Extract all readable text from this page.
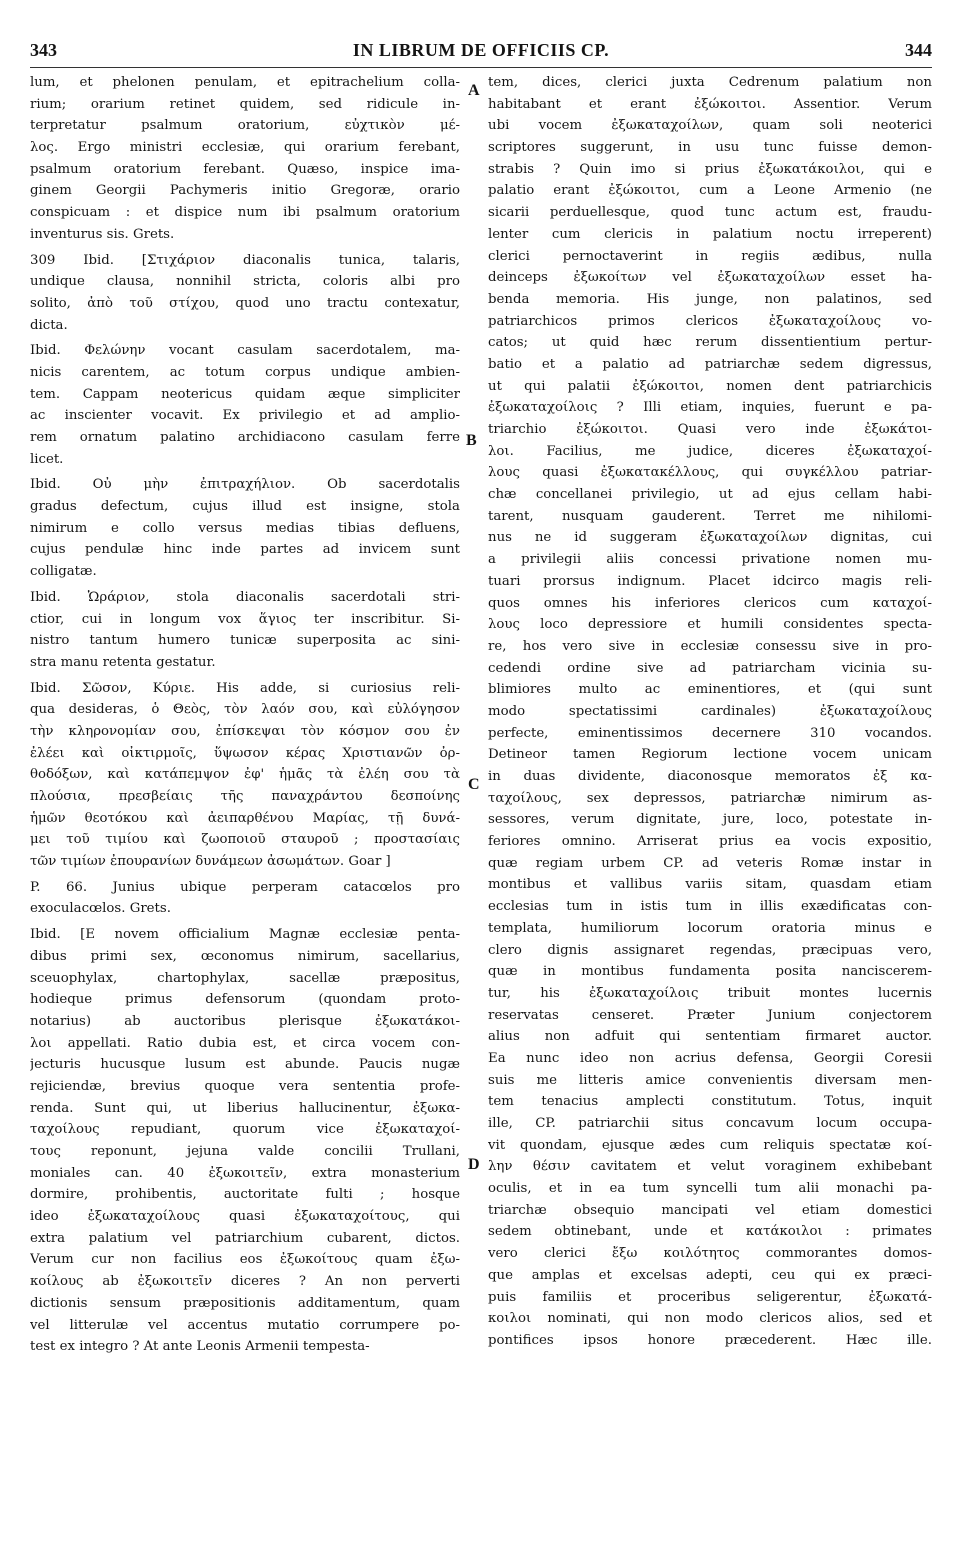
343	IN LIBRUM DE OFFICIIS CP.	344
lum, et phelonen penulam, et epitrachelium colla-
rium; orarium retinet quidem, sed ridicule in-
terpretatur psalmum oratorium, εὐχτικὸν μέ-
λος. Ergo ministri ecclesiæ, qui orarium ferebant,
psalmum oratorium ferebant. Quæso, inspice ima-
ginem Georgii Pachymeris initio Gregoræ, orario
conspicuam : et dispice num ibi psalmum oratorium
inventurus sis. Grets.
309 Ibid. [Στιχάριον diaconalis tunica, talaris,
undique clausa, nonnihil stricta, coloris albi pro
solito, ἀπὸ τοῦ στίχου, quod uno tractu contexatur,
dicta.
Ibid. Φελώνην vocant casulam sacerdotalem, ma-
nicis carentem, ac totum corpus undique ambien-
tem. Cappam neotericus quidam æque simpliciter
ac inscienter vocavit. Ex privilegio et ad amplio-
rem ornatum palatino archidiacono casulam ferre
licet.
Ibid. Οὐ μὴν ἐπιτραχήλιον. Ob sacerdotalis
gradus defectum, cujus illud est insigne, stola
nimirum e collo versus medias tibias defluens,
cujus pendulæ hinc inde partes ad invicem sunt
colligatæ.
Ibid. Ὡράριον, stola diaconalis sacerdotali stri-
ctior, cui in longum vox ἅγιος ter inscribitur. Si-
nistro tantum humero tunicæ superposita ac sini-
stra manu retenta gestatur.
Ibid. Σῶσον, Κύριε. His adde, si curiosius reli-
qua desideras, ὁ Θεὸς, τὸν λαόν σου, καὶ εὐλόγησον
τὴν κληρονομίαν σου, ἐπίσκεψαι τὸν κόσμον σου ἐν
ἐλέει καὶ οἰκτιρμοῖς, ὕψωσον κέρας Χριστιανῶν ὀρ-
θοδόξων, καὶ κατάπεμψον ἐφ' ἡμᾶς τὰ ἐλέη σου τὰ
πλούσια, πρεσβείαις τῆς παναχράντου δεσποίνης
ἡμῶν θεοτόκου καὶ ἀειπαρθένου Μαρίας, τῇ δυνά-
μει τοῦ τιμίου καὶ ζωοποιοῦ σταυροῦ ; προστασίαις
τῶν τιμίων ἐπουρανίων δυνάμεων ἀσωμάτων. Goar ]
P. 66. Junius ubique perperam catacœlos pro
exoculacœlos. Grets.
Ibid. [E novem officialium Magnæ ecclesiæ penta-
dibus primi sex, œconomus nimirum, sacellarius,
sceuophylax, chartophylax, sacellæ præpositus,
hodieque primus defensorum (quondam proto-
notarius) ab auctoribus plerisque ἐξωκατάκοι-
λοι appellati. Ratio dubia est, et circa vocem con-
jecturis hucusque lusum est abunde. Paucis nugæ
rejiciendæ, brevius quoque vera sententia profe-
renda. Sunt qui, ut liberius hallucinentur, ἐξωκα-
ταχοίλους repudiant, quorum vice ἐξωκαταχοί-
τους reponunt, jejuna valde concilii Trullani,
moniales can. 40 ἐξωκοιτεῖν, extra monasterium
dormire, prohibentis, auctoritate fulti ; hosque
ideo ἐξωκαταχοίλους quasi ἐξωκαταχοίτους, qui
extra palatium vel patriarchium cubarent, dictos.
Verum cur non facilius eos ἐξωκοίτους quam ἐξω-
κοίλους ab ἐξωκοιτεῖν diceres ? An non perverti
dictionis sensum præpositionis additamentum, quam
vel litterulæ vel accentus mutatio corrumpere po-
test ex integro ? At ante Leonis Armenii tempesta-
tem, dices, clerici juxta Cedrenum palatium non
habitabant et erant ἐξώκοιτοι. Assentior. Verum
ubi vocem ἐξωκαταχοίλων, quam soli neoterici
scriptores suggerunt, in usu tunc fuisse demon-
strabis ? Quin imo si prius ἐξωκατάκοιλοι, qui e
palatio erant ἐξώκοιτοι, cum a Leone Armenio (ne
sicarii perduellesque, quod tunc actum est, fraudu-
lenter cum clericis in palatium noctu irreperent)
clerici pernoctaverint in regiis ædibus, nulla
deinceps ἐξωκοίτων vel ἐξωκαταχοίλων esset ha-
benda memoria. His junge, non palatinos, sed
patriarchicos primos clericos ἐξωκαταχοίλους vo-
catos; ut quid hæc rerum dissentientium pertur-
batio et a palatio ad patriarchæ sedem digressus,
ut qui palatii ἐξώκοιτοι, nomen dent patriarchicis
ἐξωκαταχοίλοις ? Illi etiam, inquies, fuerunt e pa-
triarchio ἐξώκοιτοι. Quasi vero inde ἐξωκάτοι-
λοι. Facilius, me judice, diceres ἐξωκαταχοί-
λους quasi ἐξωκατακέλλους, qui συγκέλλου patriar-
chæ concellanei privilegio, ut ad ejus cellam habi-
tarent, nusquam gauderent. Terret me nihilomi-
nus ne id suggeram ἐξωκαταχοίλων dignitas, cui
a privilegii aliis concessi privatione nomen mu-
tuari prorsus indignum. Placet idcirco magis reli-
quos omnes his inferiores clericos cum καταχοί-
λους loco depressiore et humili considentes specta-
re, hos vero sive in ecclesiæ consessu sive in pro-
cedendi ordine sive ad patriarcham vicinia su-
blimiores multo ac eminentiores, et (qui sunt
modo spectatissimi cardinales) ἐξωκαταχοίλους
perfecte, eminentissimos decernere 310 vocandos.
Detineor tamen Regiorum lectione vocem unicam
in duas dividente, diaconosque memoratos ἐξ κα-
ταχοίλους, sex depressos, patriarchæ nimirum as-
sessores, verum dignitate, jure, loco, potestate in-
feriores omnino. Arriserat prius ea vocis expositio,
quæ regiam urbem CP. ad veteris Romæ instar in
montibus et vallibus variis sitam, quasdam etiam
ecclesias tum in istis tum in illis exædificatas con-
templata, humiliorum locorum oratoria minus e
clero dignis assignaret regendas, præcipuas vero,
quæ in montibus fundamenta posita nanciscerem-
tur, his ἐξωκαταχοίλοις tribuit montes lucernis
reservatas censeret. Præter Junium conjectorem
alius non adfuit qui sententiam firmaret auctor.
Ea nunc ideo non acrius defensa, Georgii Coresii
suis me litteris amice convenientis diversam men-
tem tenacius amplecti constitutum. Totus, inquit
ille, CP. patriarchii situs concavum locum occupa-
vit quondam, ejusque ædes cum reliquis spectatæ κοί-
λην θέσιν cavitatem et velut voraginem exhibebant
oculis, et in ea tum syncelli tum alii monachi pa-
triarchæ obsequio mancipati vel etiam domestici
sedem obtinebant, unde et κατάκοιλοι : primates
vero clerici ἔξω κοιλότητος commorantes domos-
que amplas et excelsas adepti, ceu qui ex præci-
puis familiis et proceribus seligerentur, ἐξωκατά-
κοιλοι nominati, qui non modo clericos alios, sed et
pontifices ipsos honore præcederent. Hæc ille.
A
B
C
D
